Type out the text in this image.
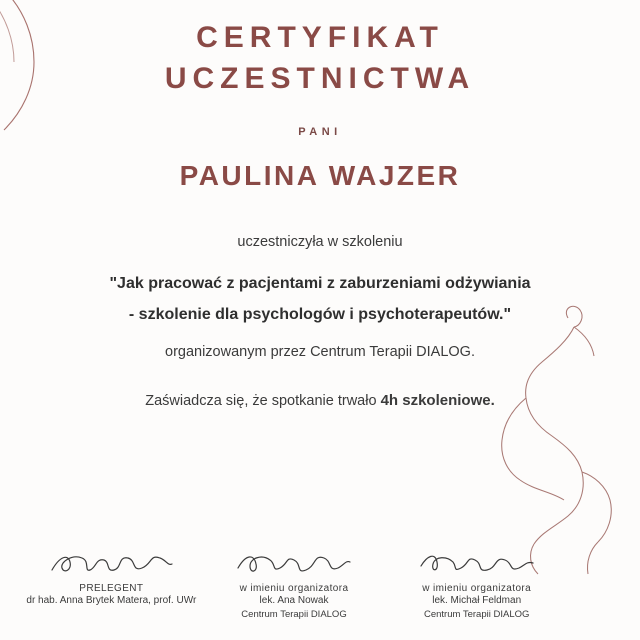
CERTYFIKAT
UCZESTNICTWA
PANI
PAULINA WAJZER
uczestniczyła w szkoleniu
"Jak pracować z pacjentami z zaburzeniami odżywiania
- szkolenie dla psychologów i psychoterapeutów."
organizowanym przez Centrum Terapii DIALOG.
Zaświadcza się, że spotkanie trwało 4h szkoleniowe.
PRELEGENT
dr hab. Anna Brytek Matera, prof. UWr
w imieniu organizatora
lek. Ana Nowak
Centrum Terapii DIALOG
w imieniu organizatora
lek. Michał Feldman
Centrum Terapii DIALOG
